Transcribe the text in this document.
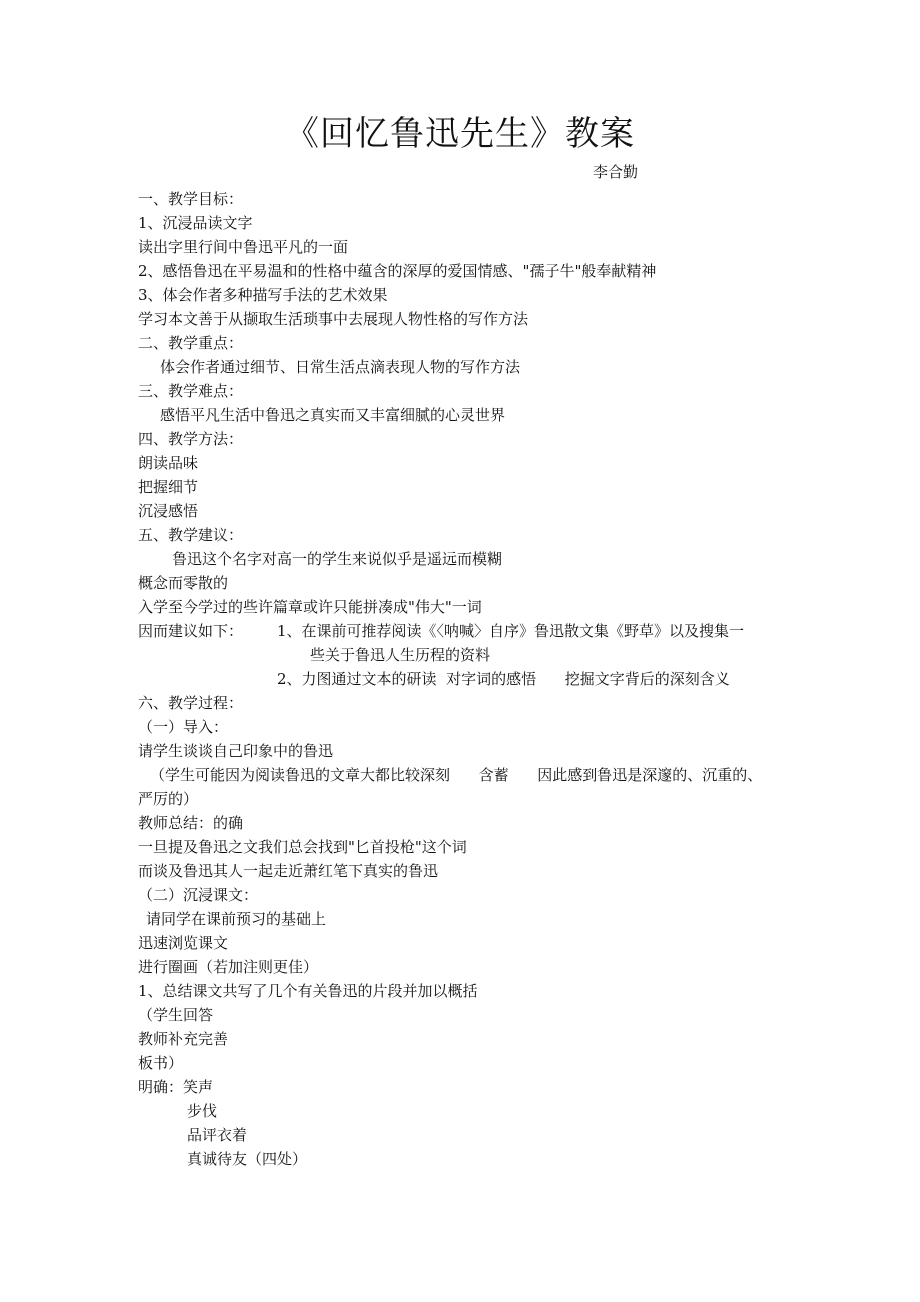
《回忆鲁迅先生》教案
李合勤
一、教学目标：
1、沉浸品读文字
读出字里行间中鲁迅平凡的一面
2、感悟鲁迅在平易温和的性格中蕴含的深厚的爱国情感、"孺子牛"般奉献精神
3、体会作者多种描写手法的艺术效果
学习本文善于从撷取生活琐事中去展现人物性格的写作方法
二、教学重点：
体会作者通过细节、日常生活点滴表现人物的写作方法
三、教学难点：
感悟平凡生活中鲁迅之真实而又丰富细腻的心灵世界
四、教学方法：
朗读品味
把握细节
沉浸感悟
五、教学建议：
鲁迅这个名字对高一的学生来说似乎是遥远而模糊
概念而零散的
入学至今学过的些许篇章或许只能拼凑成"伟大"一词
因而建议如下： 1、在课前可推荐阅读《〈呐喊〉自序》鲁迅散文集《野草》以及搜集一
些关于鲁迅人生历程的资料
2、力图通过文本的研读  对字词的感悟      挖掘文字背后的深刻含义
六、教学过程：
（一）导入：
请学生谈谈自己印象中的鲁迅
（学生可能因为阅读鲁迅的文章大都比较深刻      含蓄      因此感到鲁迅是深邃的、沉重的、
严厉的）
教师总结：的确
一旦提及鲁迅之文我们总会找到"匕首投枪"这个词
而谈及鲁迅其人一起走近萧红笔下真实的鲁迅
（二）沉浸课文：
请同学在课前预习的基础上
迅速浏览课文
进行圈画（若加注则更佳）
1、总结课文共写了几个有关鲁迅的片段并加以概括
（学生回答
教师补充完善
板书）
明确：笑声
步伐
品评衣着
真诚待友（四处）
